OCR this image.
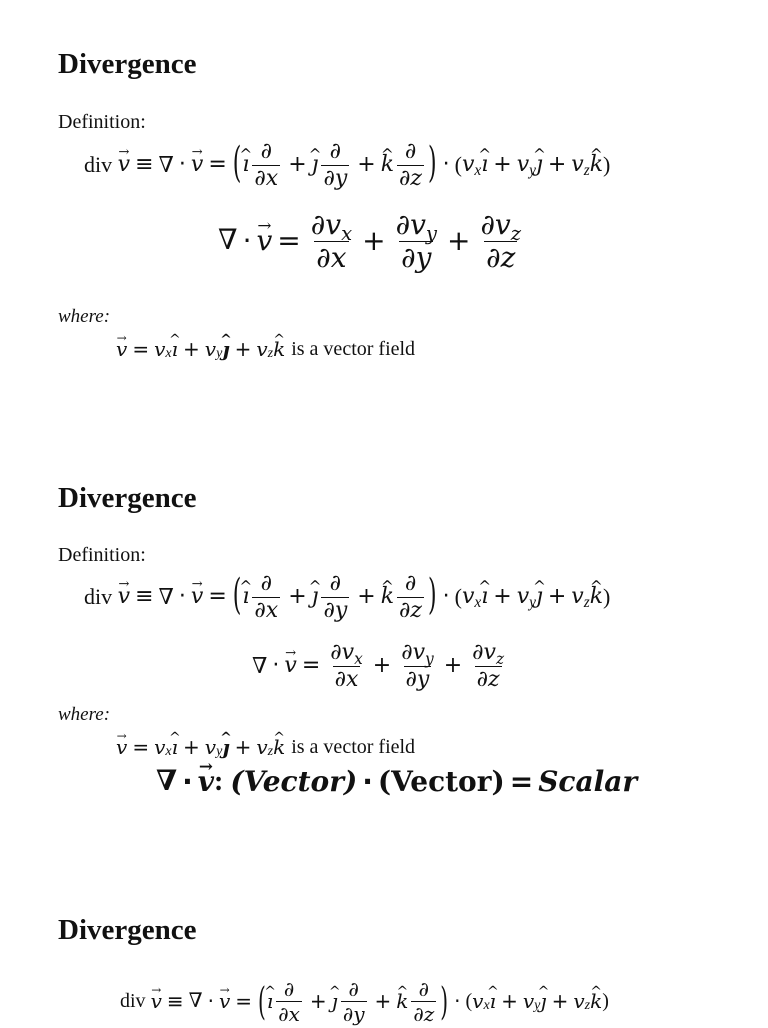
Divergence
Definition:
div → v ≡ ∇ · → v = ( ^ ı $\frac{\partial}{\partial x}$ + ^ ȷ $\frac{\partial}{\partial y}$ + ^ k $\frac{\partial}{\partial z}$ ) · ( v x ^ ı + v y ^ ȷ + v z ^ k )
∇ · → $v = \frac{\partial v_x}{\partial x} + \frac{\partial v_y}{\partial y} + \frac{\partial v_z}{\partial z}$
where:
→ v = v x ^ ı + v y ^ ȷ + v z ^ k is a vector field
Divergence
Definition:
div → v ≡ ∇ · → v = ( ^ ı $\frac{\partial}{\partial x}$ + ^ ȷ $\frac{\partial}{\partial y}$ + ^ k $\frac{\partial}{\partial z}$ ) · ( v x ^ ı + v y ^ ȷ + v z ^ k )
∇ · → $v = \frac{\partial v_x}{\partial x} + \frac{\partial v_y}{\partial y} + \frac{\partial v_z}{\partial z}$
where:
→ v = v x ^ ı + v y ^ ȷ + v z ^ k is a vector field
∇ · → v : (Vector) · (Vector) = Scalar
Divergence
div → v ≡ ∇ · → v = ( ^ ı $\frac{\partial}{\partial x}$ + ^ ȷ $\frac{\partial}{\partial y}$ + ^ k $\frac{\partial}{\partial z}$ ) · ( v x ^ ı + v y ^ ȷ + v z ^ k )
